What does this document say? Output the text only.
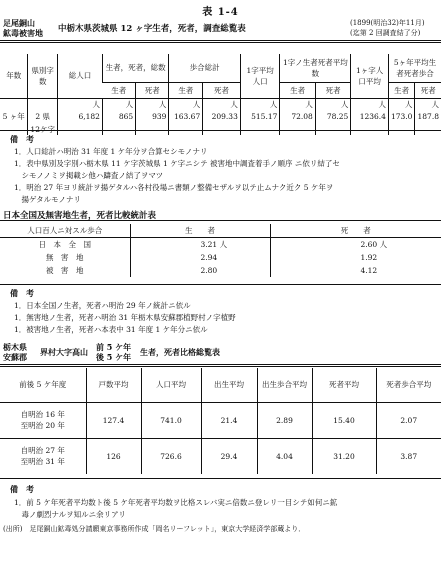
表 1-4
足尾銅山
鉱毒被害地 中栃木県茨城県 12 ヶ字生者，死者，調査総覧表
(1899(明治32)年11月)
(迄第 2 回調査結了分)
年数	県別字数	総人口	生者，死者，総数		歩合総計		1字平均人口	1字ノ生者死者平均数		1ヶ字人口平均	5ヶ年平均生者死者歩合	
			生者	死者	生者	死者		生者	死者		生者	死者
		人	人	人	人	人	人	人	人	人	人	人
5 ヶ年	2 県	6,182	865	939	163.67	209.33	515.17	72.08	78.25	1236.4	173.0	187.8
	12ケ字											
備　考
1．人口総計ハ明治 31 年度 1 ケ年分ヲ合算セシモノナリ
1．表中県別及字別ハ栃木県 11 ケ字茨城県 1 ケ字ニシテ 被害地中調査着手ノ順序 ニ依リ結了セ
　シモノノミヲ掲載シ他ハ躊査ノ結了ヲマツ
1．明治 27 年ヨリ統計ヲ揚ゲタルハ各村役場ニ書類ノ整備セザルヲ以テ止ムナク近ク 5 ケ年ヲ
　揚ゲタルモノナリ
日本全国及無害地生者，死者比較統計表
人口百人ニ対スル歩合	生　　者	死　　者
日　本　全　国	3.21 人	2.60 人
無　害　地	2.94	1.92
被　害　地	2.80	4.12
備　考
1．日本全国ノ生者，死者ハ明治 29 年ノ統計ニ依ル
1．無害地ノ生者，死者ハ明治 31 年栃木県安蘇郡植野村ノ字植野
1．被害地ノ生者，死者ハ本表中 31 年度 1 ケ年分ニ依ル
栃木県
安蘇郡 界村大字高山 前 5 ケ年
後 5 ケ年 生者，死者比格総覧表
前後 5 ケ年度	戸数平均	人口平均	出生平均	出生歩合平均	死者平均	死者歩合平均

自明治 16 年
至明治 20 年	127.4	741.0	21.4	2.89	15.40	2.07

自明治 27 年
至明治 31 年	126	726.6	29.4	4.04	31.20	3.87
備　考
1．前 5 ケ年死者平均数ト後 5 ケ年死者平均数ヲ比格スレバ実ニ倍数ニ登レリ一目シテ如何ニ鉱
　毒ノ劇烈ナルヲ知ルニ余リアリ
(出所)　足尾銅山鉱毒処分請願東京事務所作成「岡名リーフレット」，東京大学経済学部蔵より．
